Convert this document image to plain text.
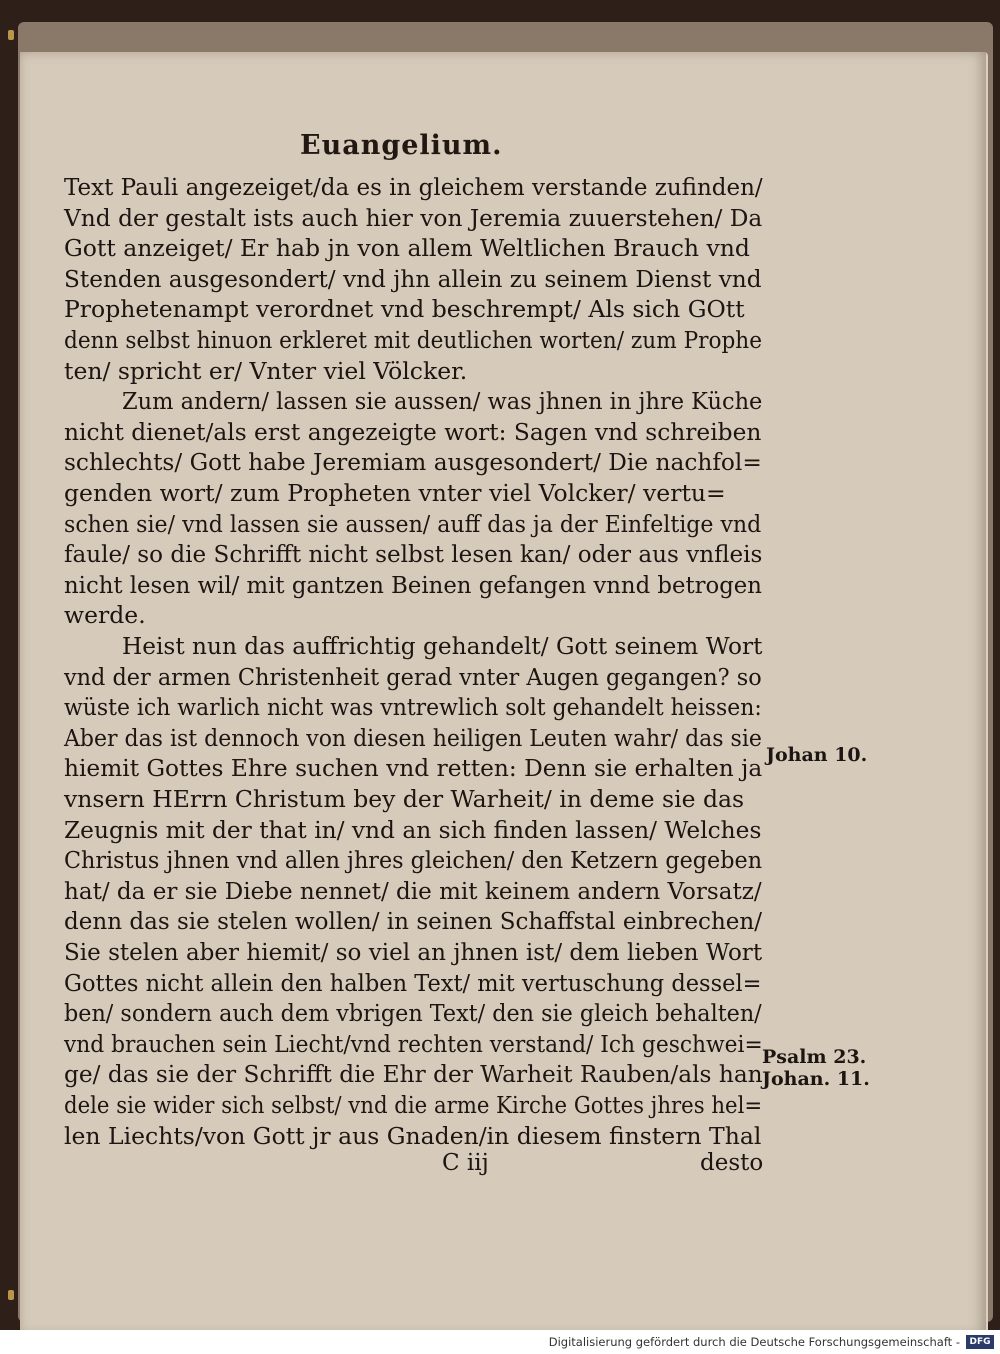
Euangelium.
Text Pauli angezeiget/da es in gleichem verstande zufinden/
Vnd der gestalt ists auch hier von Jeremia zuuerstehen/ Da
Gott anzeiget/ Er hab jn von allem Weltlichen Brauch vnd
Stenden ausgesondert/ vnd jhn allein zu seinem Dienst vnd
Prophetenampt verordnet vnd beschrempt/ Als sich GOtt
denn selbst hinuon erkleret mit deutlichen worten/ zum Prophe
ten/ spricht er/ Vnter viel Völcker.
Zum andern/ lassen sie aussen/ was jhnen in jhre Küche
nicht dienet/als erst angezeigte wort: Sagen vnd schreiben
schlechts/ Gott habe Jeremiam ausgesondert/ Die nachfol=
genden wort/ zum Propheten vnter viel Volcker/ vertu=
schen sie/ vnd lassen sie aussen/ auff das ja der Einfeltige vnd
faule/ so die Schrifft nicht selbst lesen kan/ oder aus vnfleis
nicht lesen wil/ mit gantzen Beinen gefangen vnnd betrogen
werde.
Heist nun das auffrichtig gehandelt/ Gott seinem Wort
vnd der armen Christenheit gerad vnter Augen gegangen? so
wüste ich warlich nicht was vntrewlich solt gehandelt heissen:
Aber das ist dennoch von diesen heiligen Leuten wahr/ das sie
hiemit Gottes Ehre suchen vnd retten: Denn sie erhalten ja
vnsern HErrn Christum bey der Warheit/ in deme sie das
Zeugnis mit der that in/ vnd an sich finden lassen/ Welches
Christus jhnen vnd allen jhres gleichen/ den Ketzern gegeben
hat/ da er sie Diebe nennet/ die mit keinem andern Vorsatz/
denn das sie stelen wollen/ in seinen Schaffstal einbrechen/
Sie stelen aber hiemit/ so viel an jhnen ist/ dem lieben Wort
Gottes nicht allein den halben Text/ mit vertuschung dessel=
ben/ sondern auch dem vbrigen Text/ den sie gleich behalten/
vnd brauchen sein Liecht/vnd rechten verstand/ Ich geschwei=
ge/ das sie der Schrifft die Ehr der Warheit Rauben/als han
dele sie wider sich selbst/ vnd die arme Kirche Gottes jhres hel=
len Liechts/von Gott jr aus Gnaden/in diesem finstern Thal
Johan 10.
Psalm 23.
Johan. 11.
C iij	desto
Digitalisierung gefördert durch die Deutsche Forschungsgemeinschaft -	DFG
